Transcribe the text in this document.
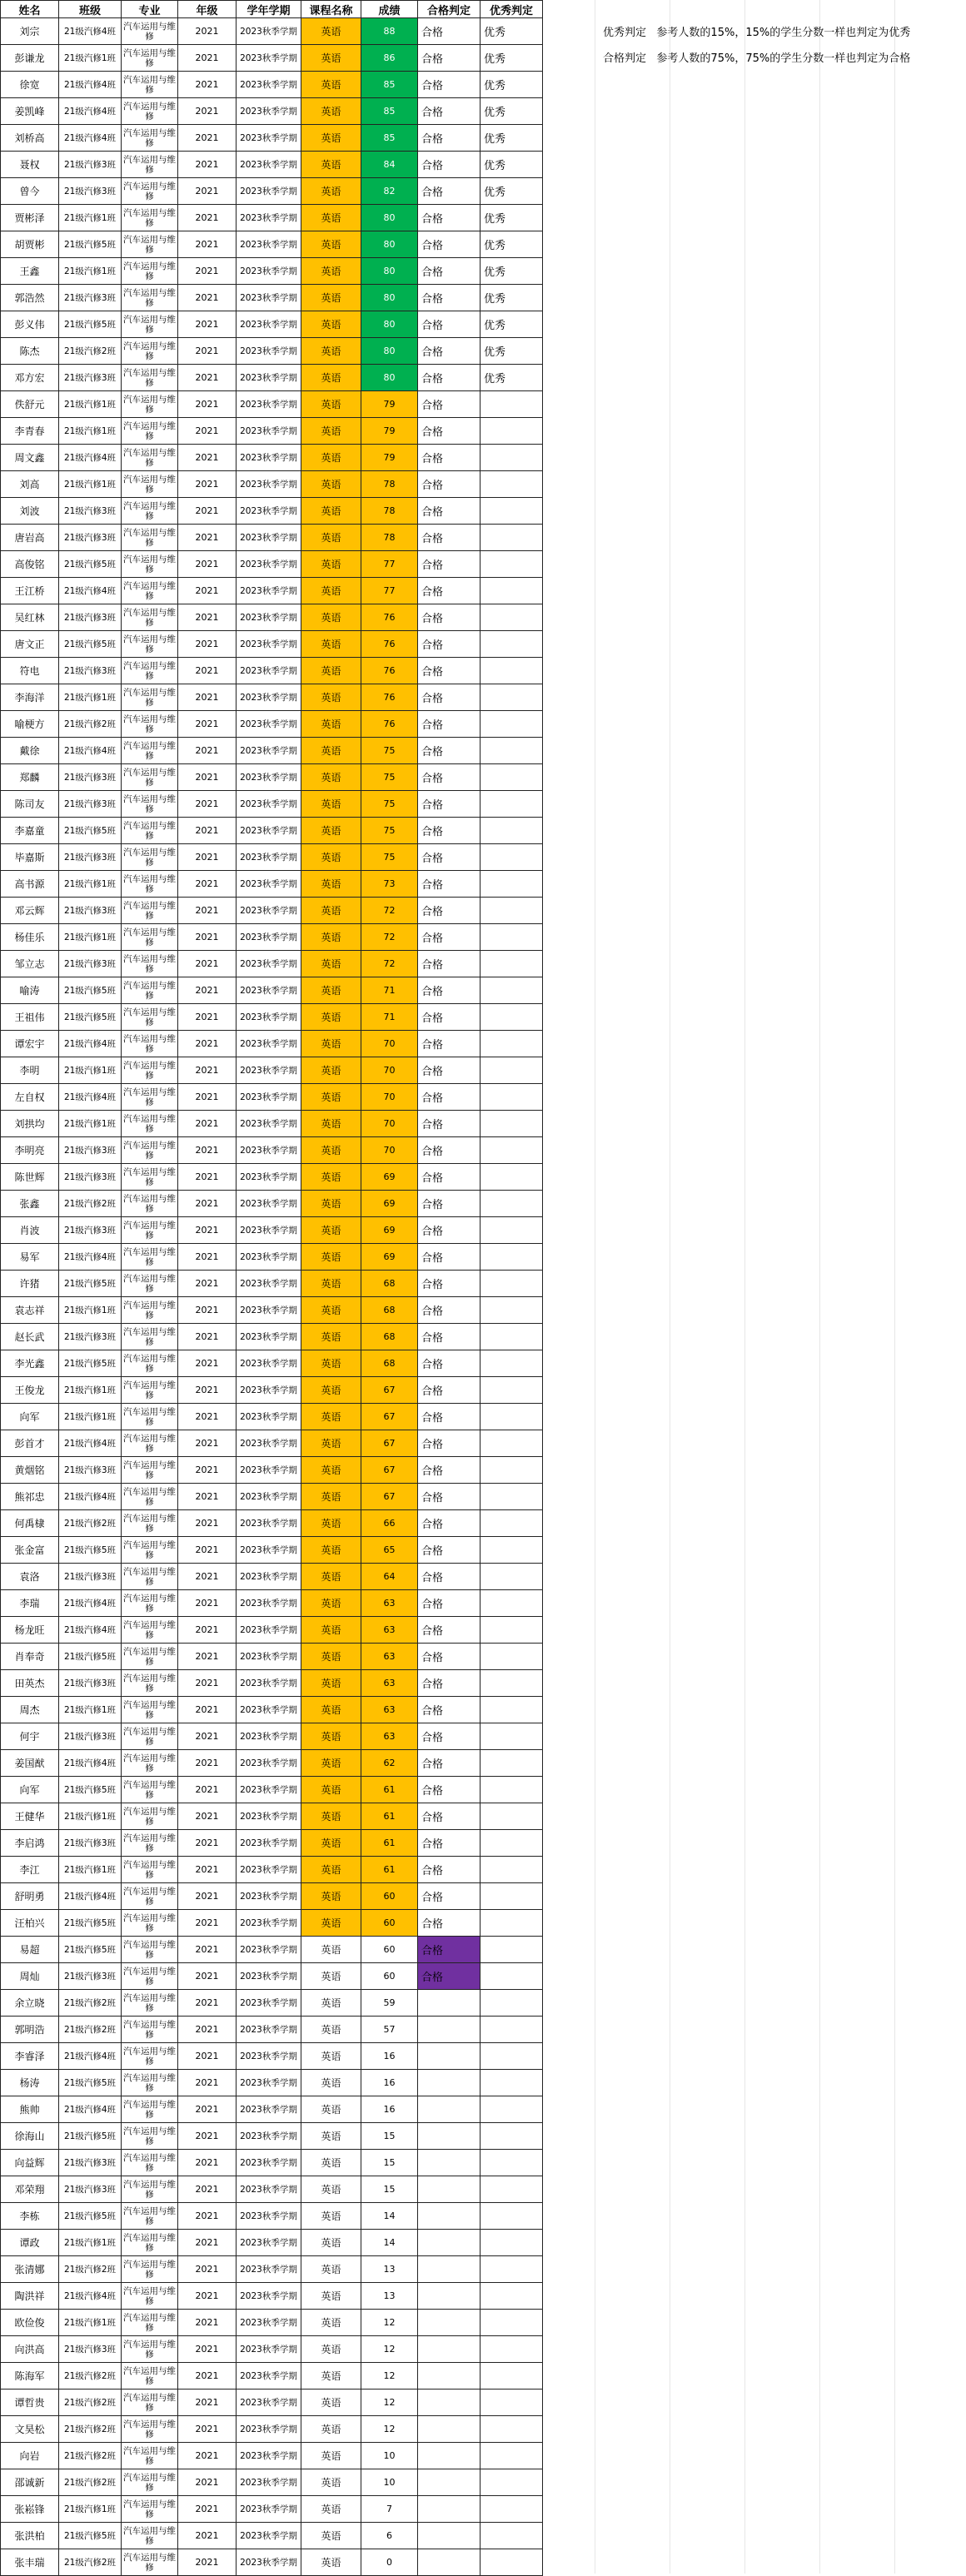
姓名	班级	专业	年级	学年学期	课程名称	成绩	合格判定	优秀判定
刘宗	21级汽修4班	汽车运用与维修	2021	2023秋季学期	英语	88	合格	优秀
彭谦龙	21级汽修1班	汽车运用与维修	2021	2023秋季学期	英语	86	合格	优秀
徐宽	21级汽修4班	汽车运用与维修	2021	2023秋季学期	英语	85	合格	优秀
姜凯峰	21级汽修4班	汽车运用与维修	2021	2023秋季学期	英语	85	合格	优秀
刘桥高	21级汽修4班	汽车运用与维修	2021	2023秋季学期	英语	85	合格	优秀
聂权	21级汽修3班	汽车运用与维修	2021	2023秋季学期	英语	84	合格	优秀
曾今	21级汽修3班	汽车运用与维修	2021	2023秋季学期	英语	82	合格	优秀
贾彬泽	21级汽修1班	汽车运用与维修	2021	2023秋季学期	英语	80	合格	优秀
胡贾彬	21级汽修5班	汽车运用与维修	2021	2023秋季学期	英语	80	合格	优秀
王鑫	21级汽修1班	汽车运用与维修	2021	2023秋季学期	英语	80	合格	优秀
郭浩然	21级汽修3班	汽车运用与维修	2021	2023秋季学期	英语	80	合格	优秀
彭义伟	21级汽修5班	汽车运用与维修	2021	2023秋季学期	英语	80	合格	优秀
陈杰	21级汽修2班	汽车运用与维修	2021	2023秋季学期	英语	80	合格	优秀
邓方宏	21级汽修3班	汽车运用与维修	2021	2023秋季学期	英语	80	合格	优秀
佚舒元	21级汽修1班	汽车运用与维修	2021	2023秋季学期	英语	79	合格	
李青春	21级汽修1班	汽车运用与维修	2021	2023秋季学期	英语	79	合格	
周文鑫	21级汽修4班	汽车运用与维修	2021	2023秋季学期	英语	79	合格	
刘高	21级汽修1班	汽车运用与维修	2021	2023秋季学期	英语	78	合格	
刘波	21级汽修3班	汽车运用与维修	2021	2023秋季学期	英语	78	合格	
唐岩高	21级汽修3班	汽车运用与维修	2021	2023秋季学期	英语	78	合格	
高俊铭	21级汽修5班	汽车运用与维修	2021	2023秋季学期	英语	77	合格	
王江桥	21级汽修4班	汽车运用与维修	2021	2023秋季学期	英语	77	合格	
吴红林	21级汽修3班	汽车运用与维修	2021	2023秋季学期	英语	76	合格	
唐文正	21级汽修5班	汽车运用与维修	2021	2023秋季学期	英语	76	合格	
符电	21级汽修3班	汽车运用与维修	2021	2023秋季学期	英语	76	合格	
李海洋	21级汽修1班	汽车运用与维修	2021	2023秋季学期	英语	76	合格	
喻梗方	21级汽修2班	汽车运用与维修	2021	2023秋季学期	英语	76	合格	
戴徐	21级汽修4班	汽车运用与维修	2021	2023秋季学期	英语	75	合格	
郑麟	21级汽修3班	汽车运用与维修	2021	2023秋季学期	英语	75	合格	
陈司友	21级汽修3班	汽车运用与维修	2021	2023秋季学期	英语	75	合格	
李嘉童	21级汽修5班	汽车运用与维修	2021	2023秋季学期	英语	75	合格	
毕嘉斯	21级汽修3班	汽车运用与维修	2021	2023秋季学期	英语	75	合格	
高书源	21级汽修1班	汽车运用与维修	2021	2023秋季学期	英语	73	合格	
邓云辉	21级汽修3班	汽车运用与维修	2021	2023秋季学期	英语	72	合格	
杨佳乐	21级汽修1班	汽车运用与维修	2021	2023秋季学期	英语	72	合格	
邹立志	21级汽修3班	汽车运用与维修	2021	2023秋季学期	英语	72	合格	
喻涛	21级汽修5班	汽车运用与维修	2021	2023秋季学期	英语	71	合格	
王祖伟	21级汽修5班	汽车运用与维修	2021	2023秋季学期	英语	71	合格	
谭宏宇	21级汽修4班	汽车运用与维修	2021	2023秋季学期	英语	70	合格	
李明	21级汽修1班	汽车运用与维修	2021	2023秋季学期	英语	70	合格	
左自权	21级汽修4班	汽车运用与维修	2021	2023秋季学期	英语	70	合格	
刘拱均	21级汽修1班	汽车运用与维修	2021	2023秋季学期	英语	70	合格	
李明亮	21级汽修3班	汽车运用与维修	2021	2023秋季学期	英语	70	合格	
陈世辉	21级汽修3班	汽车运用与维修	2021	2023秋季学期	英语	69	合格	
张鑫	21级汽修2班	汽车运用与维修	2021	2023秋季学期	英语	69	合格	
肖波	21级汽修3班	汽车运用与维修	2021	2023秋季学期	英语	69	合格	
易军	21级汽修4班	汽车运用与维修	2021	2023秋季学期	英语	69	合格	
许猪	21级汽修5班	汽车运用与维修	2021	2023秋季学期	英语	68	合格	
袁志祥	21级汽修1班	汽车运用与维修	2021	2023秋季学期	英语	68	合格	
赵长武	21级汽修3班	汽车运用与维修	2021	2023秋季学期	英语	68	合格	
李光鑫	21级汽修5班	汽车运用与维修	2021	2023秋季学期	英语	68	合格	
王俊龙	21级汽修1班	汽车运用与维修	2021	2023秋季学期	英语	67	合格	
向军	21级汽修1班	汽车运用与维修	2021	2023秋季学期	英语	67	合格	
彭首才	21级汽修4班	汽车运用与维修	2021	2023秋季学期	英语	67	合格	
黄烟铭	21级汽修3班	汽车运用与维修	2021	2023秋季学期	英语	67	合格	
熊祁忠	21级汽修4班	汽车运用与维修	2021	2023秋季学期	英语	67	合格	
何禹棣	21级汽修2班	汽车运用与维修	2021	2023秋季学期	英语	66	合格	
张金富	21级汽修5班	汽车运用与维修	2021	2023秋季学期	英语	65	合格	
袁洛	21级汽修3班	汽车运用与维修	2021	2023秋季学期	英语	64	合格	
李瑞	21级汽修4班	汽车运用与维修	2021	2023秋季学期	英语	63	合格	
杨龙旺	21级汽修4班	汽车运用与维修	2021	2023秋季学期	英语	63	合格	
肖奉奇	21级汽修5班	汽车运用与维修	2021	2023秋季学期	英语	63	合格	
田英杰	21级汽修3班	汽车运用与维修	2021	2023秋季学期	英语	63	合格	
周杰	21级汽修1班	汽车运用与维修	2021	2023秋季学期	英语	63	合格	
何宇	21级汽修3班	汽车运用与维修	2021	2023秋季学期	英语	63	合格	
姜国猷	21级汽修4班	汽车运用与维修	2021	2023秋季学期	英语	62	合格	
向军	21级汽修5班	汽车运用与维修	2021	2023秋季学期	英语	61	合格	
王健华	21级汽修1班	汽车运用与维修	2021	2023秋季学期	英语	61	合格	
李启鸿	21级汽修3班	汽车运用与维修	2021	2023秋季学期	英语	61	合格	
李江	21级汽修1班	汽车运用与维修	2021	2023秋季学期	英语	61	合格	
舒明勇	21级汽修4班	汽车运用与维修	2021	2023秋季学期	英语	60	合格	
汪柏兴	21级汽修5班	汽车运用与维修	2021	2023秋季学期	英语	60	合格	
易超	21级汽修5班	汽车运用与维修	2021	2023秋季学期	英语	60	合格	
周灿	21级汽修3班	汽车运用与维修	2021	2023秋季学期	英语	60	合格	
余立晓	21级汽修2班	汽车运用与维修	2021	2023秋季学期	英语	59		
郭明浩	21级汽修2班	汽车运用与维修	2021	2023秋季学期	英语	57		
李睿泽	21级汽修4班	汽车运用与维修	2021	2023秋季学期	英语	16		
杨涛	21级汽修5班	汽车运用与维修	2021	2023秋季学期	英语	16		
熊帅	21级汽修4班	汽车运用与维修	2021	2023秋季学期	英语	16		
徐海山	21级汽修5班	汽车运用与维修	2021	2023秋季学期	英语	15		
向益辉	21级汽修3班	汽车运用与维修	2021	2023秋季学期	英语	15		
邓荣翔	21级汽修3班	汽车运用与维修	2021	2023秋季学期	英语	15		
李栋	21级汽修5班	汽车运用与维修	2021	2023秋季学期	英语	14		
谭政	21级汽修1班	汽车运用与维修	2021	2023秋季学期	英语	14		
张清娜	21级汽修2班	汽车运用与维修	2021	2023秋季学期	英语	13		
陶洪祥	21级汽修4班	汽车运用与维修	2021	2023秋季学期	英语	13		
欧俭俊	21级汽修1班	汽车运用与维修	2021	2023秋季学期	英语	12		
向洪高	21级汽修3班	汽车运用与维修	2021	2023秋季学期	英语	12		
陈海军	21级汽修2班	汽车运用与维修	2021	2023秋季学期	英语	12		
谭哲贵	21级汽修2班	汽车运用与维修	2021	2023秋季学期	英语	12		
文昊松	21级汽修2班	汽车运用与维修	2021	2023秋季学期	英语	12		
向岩	21级汽修2班	汽车运用与维修	2021	2023秋季学期	英语	10		
邵诚新	21级汽修2班	汽车运用与维修	2021	2023秋季学期	英语	10		
张崧锋	21级汽修1班	汽车运用与维修	2021	2023秋季学期	英语	7		
张洪柏	21级汽修5班	汽车运用与维修	2021	2023秋季学期	英语	6		
张丰瑞	21级汽修2班	汽车运用与维修	2021	2023秋季学期	英语	0		
优秀判定 参考人数的15%，15%的学生分数一样也判定为优秀
合格判定 参考人数的75%，75%的学生分数一样也判定为合格
